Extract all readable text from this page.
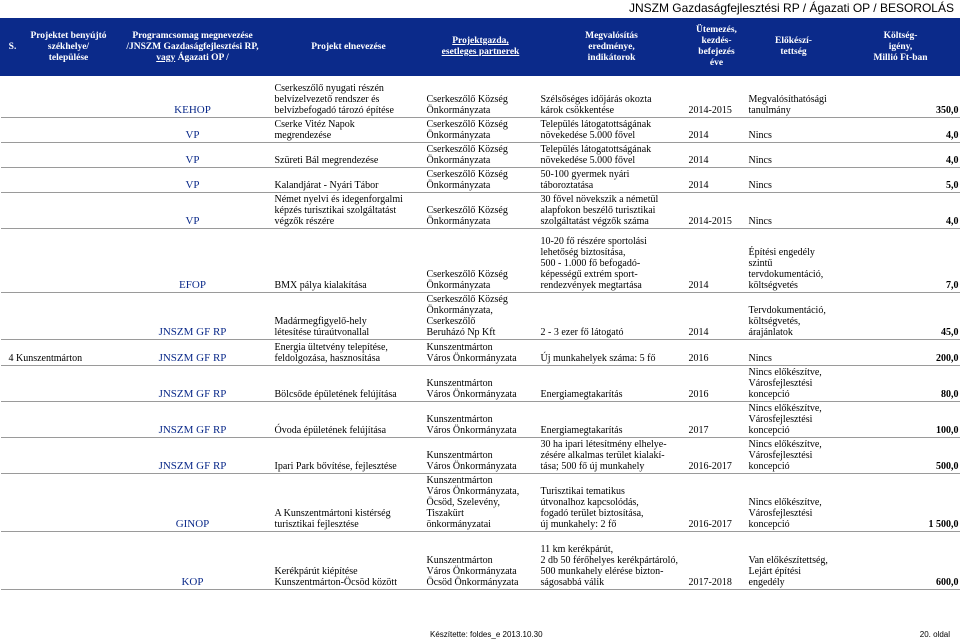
JNSZM Gazdaságfejlesztési RP / Ágazati OP / BESOROLÁS
S.	Projektet benyújtó
székhelye/
települése	Programcsomag megnevezése
/JNSZM Gazdaságfejlesztési RP,
vagy Ágazati OP /	Projekt elnevezése	Projektgazda,
esetleges partnerek	Megvalósítás
eredménye,
indikátorok	Ütemezés,
kezdés-
befejezés
éve	Előkészí-
tettség	Költség-
igény,
Millió Ft-ban
		KEHOP	Cserkeszőlő nyugati részén
belvízelvezető rendszer és
belvízbefogadó tározó építése	Cserkeszőlő Község
Önkormányzata	Szélsőséges időjárás okozta
károk csökkentése	2014-2015	Megvalósíthatósági
tanulmány	350,0
		VP	Cserke Vitéz Napok
megrendezése	Cserkeszőlő Község
Önkormányzata	Település látogatottságának
növekedése 5.000 fővel	2014	Nincs	4,0
		VP	Szüreti Bál megrendezése	Cserkeszőlő Község
Önkormányzata	Település látogatottságának
növekedése 5.000 fővel	2014	Nincs	4,0
		VP	Kalandjárat - Nyári Tábor	Cserkeszőlő Község
Önkormányzata	50-100 gyermek nyári
táboroztatása	2014	Nincs	5,0
		VP	Német nyelvi és idegenforgalmi
képzés turisztikai szolgáltatást
végzők részére	Cserkeszőlő Község
Önkormányzata	30 fővel növekszik a németül
alapfokon beszélő turisztikai
szolgáltatást végzők száma	2014-2015	Nincs	4,0
		EFOP	BMX pálya kialakítása	Cserkeszőlő Község
Önkormányzata	10-20 fő részére sportolási
lehetőség biztosítása,
500 - 1.000 fő befogadó-
képességű extrém sport-
rendezvények megtartása	2014	Építési engedély szintű
tervdokumentáció,
költségvetés	7,0
		JNSZM GF RP	Madármegfigyelő-hely
létesítése túraútvonallal	Cserkeszőlő Község
Önkormányzata,
Cserkeszőlő
Beruházó Np Kft	2 - 3 ezer fő látogató	2014	Tervdokumentáció,
költségvetés,
árajánlatok	45,0
	4 Kunszentmárton	JNSZM GF RP	Energia ültetvény telepítése,
feldolgozása, hasznosítása	Kunszentmárton
Város Önkormányzata	Új munkahelyek száma: 5 fő	2016	Nincs	200,0
		JNSZM GF RP	Bölcsőde épületének felújítása	Kunszentmárton
Város Önkormányzata	Energiamegtakarítás	2016	Nincs előkészítve,
Városfejlesztési koncepció	80,0
		JNSZM GF RP	Óvoda épületének felújítása	Kunszentmárton
Város Önkormányzata	Energiamegtakarítás	2017	Nincs előkészítve,
Városfejlesztési koncepció	100,0
		JNSZM GF RP	Ipari Park bővítése, fejlesztése	Kunszentmárton
Város Önkormányzata	30 ha ipari létesítmény elhelye-
zésére alkalmas terület kialakí-
tása; 500 fő új munkahely	2016-2017	Nincs előkészítve,
Városfejlesztési koncepció	500,0
		GINOP	A Kunszentmártoni kistérség
turisztikai fejlesztése	Kunszentmárton
Város Önkormányzata,
Öcsöd, Szelevény,
Tiszakürt
önkormányzatai	Turisztikai tematikus
útvonalhoz kapcsolódás,
fogadó terület biztosítása,
új munkahely: 2 fő	2016-2017	Nincs előkészítve,
Városfejlesztési koncepció	1 500,0
		KOP	Kerékpárút kiépítése
Kunszentmárton-Öcsöd között	Kunszentmárton
Város Önkormányzata
Öcsöd Önkormányzata	11 km kerékpárút,
2 db 50 férőhelyes kerékpártároló,
500 munkahely elérése bizton-
ságosabbá válik	2017-2018	Van előkészítettség,
Lejárt építési engedély	600,0
Készítette: foldes_e 2013.10.30	20. oldal
